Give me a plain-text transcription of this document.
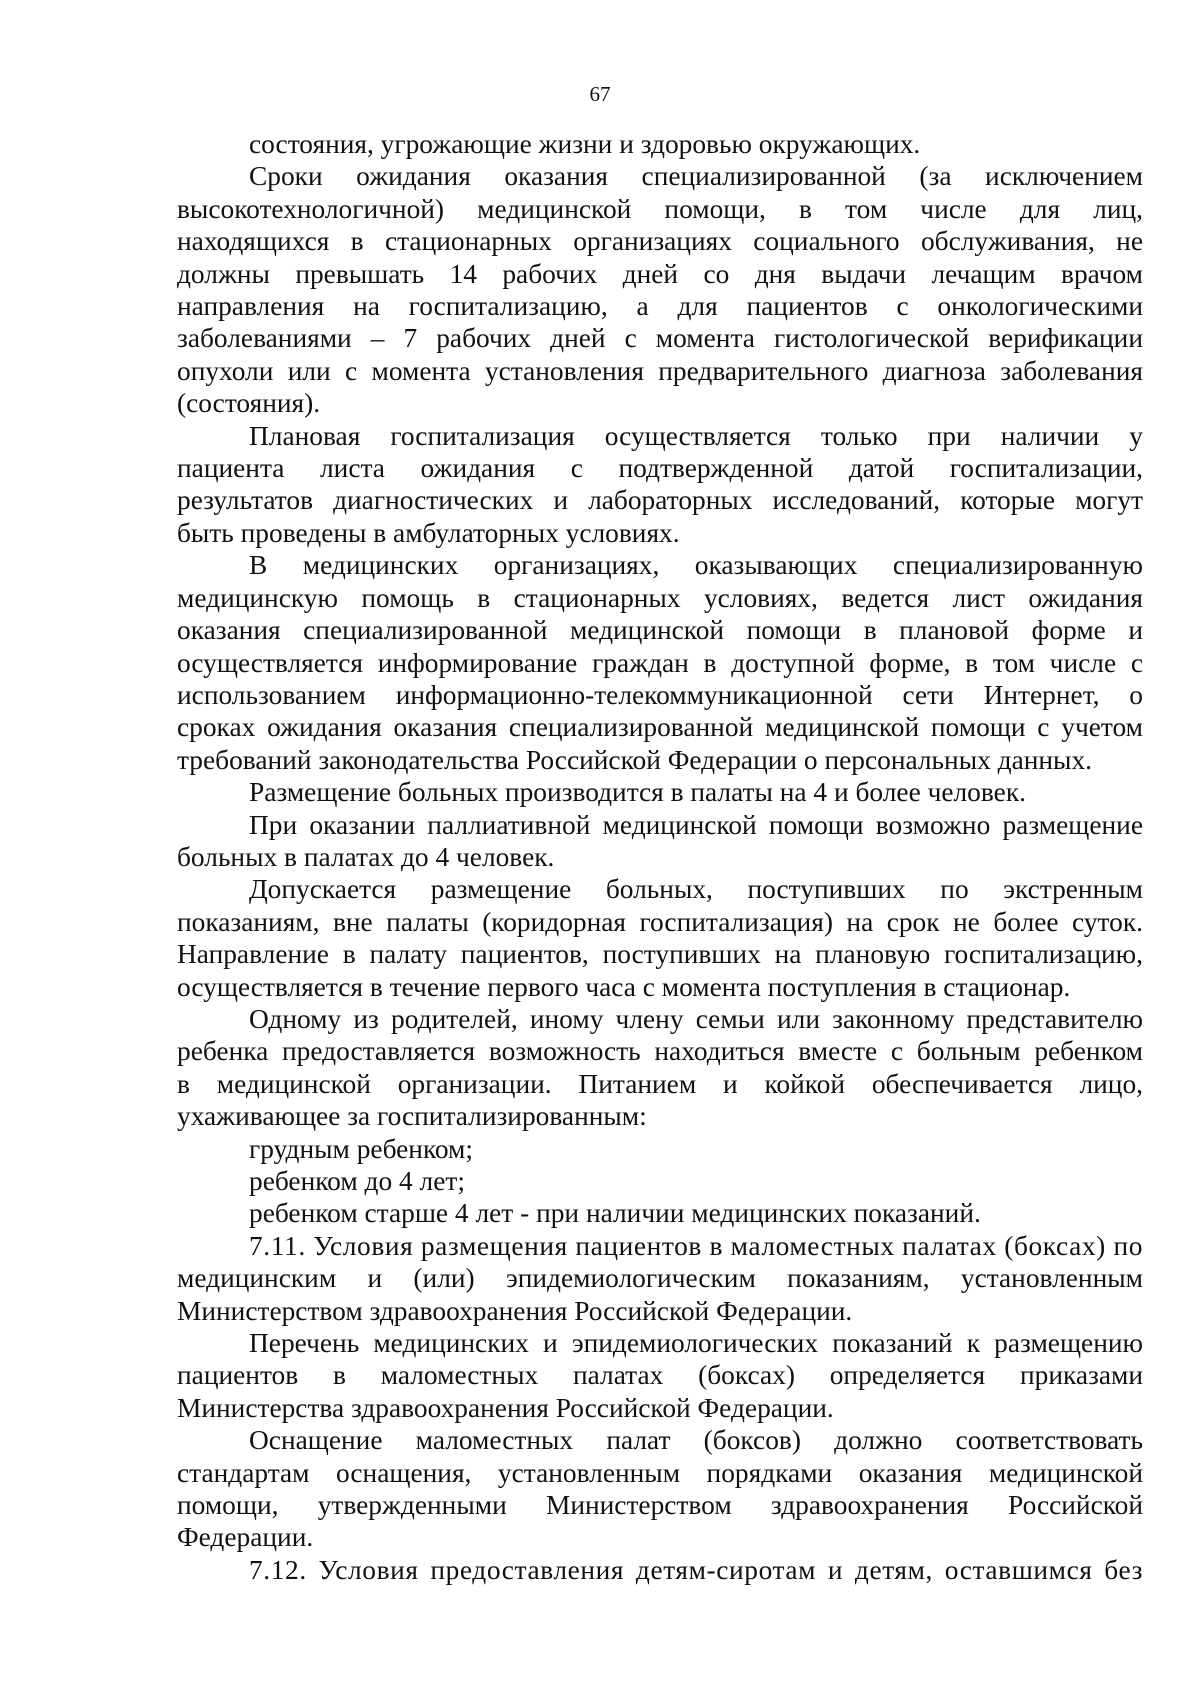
67

состояния, угрожающие жизни и здоровью окружающих.

Сроки ожидания оказания специализированной (за исключением

высокотехнологичной) медицинской помощи, в том числе для лиц,

находящихся в стационарных организациях социального обслуживания, не

должны превышать 14 рабочих дней со дня выдачи лечащим врачом

направления на госпитализацию, а для пациентов с онкологическими

заболеваниями – 7 рабочих дней с момента гистологической верификации

опухоли или с момента установления предварительного диагноза заболевания

(состояния).

Плановая госпитализация осуществляется только при наличии у

пациента листа ожидания с подтвержденной датой госпитализации,

результатов диагностических и лабораторных исследований, которые могут

быть проведены в амбулаторных условиях.

В медицинских организациях, оказывающих специализированную

медицинскую помощь в стационарных условиях, ведется лист ожидания

оказания специализированной медицинской помощи в плановой форме и

осуществляется информирование граждан в доступной форме, в том числе с

использованием информационно-телекоммуникационной сети Интернет, о

сроках ожидания оказания специализированной медицинской помощи с учетом

требований законодательства Российской Федерации о персональных данных.

Размещение больных производится в палаты на 4 и более человек.

При оказании паллиативной медицинской помощи возможно размещение

больных в палатах до 4 человек.

Допускается размещение больных, поступивших по экстренным

показаниям, вне палаты (коридорная госпитализация) на срок не более суток.

Направление в палату пациентов, поступивших на плановую госпитализацию,

осуществляется в течение первого часа с момента поступления в стационар.

Одному из родителей, иному члену семьи или законному представителю

ребенка предоставляется возможность находиться вместе с больным ребенком

в медицинской организации. Питанием и койкой обеспечивается лицо,

ухаживающее за госпитализированным:

грудным ребенком;

ребенком до 4 лет;

ребенком старше 4 лет - при наличии медицинских показаний.

7.11. Условия размещения пациентов в маломестных палатах (боксах) по

медицинским и (или) эпидемиологическим показаниям, установленным

Министерством здравоохранения Российской Федерации.

Перечень медицинских и эпидемиологических показаний к размещению

пациентов в маломестных палатах (боксах) определяется приказами

Министерства здравоохранения Российской Федерации.

Оснащение маломестных палат (боксов) должно соответствовать

стандартам оснащения, установленным порядками оказания медицинской

помощи, утвержденными Министерством здравоохранения Российской

Федерации.

7.12. Условия предоставления детям-сиротам и детям, оставшимся без
